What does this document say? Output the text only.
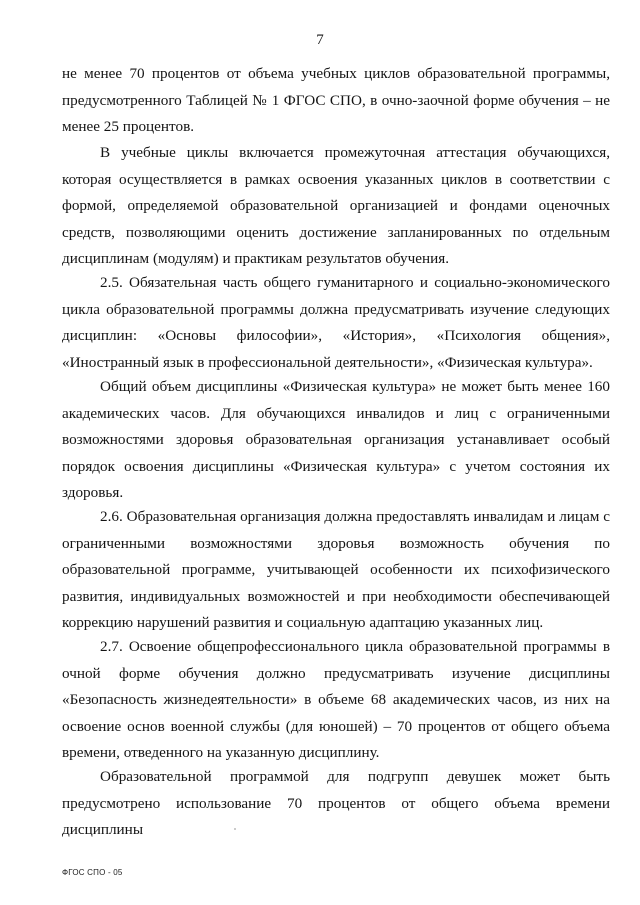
7

не менее 70 процентов от объема учебных циклов образовательной программы, предусмотренного Таблицей № 1 ФГОС СПО, в очно-заочной форме обучения – не менее 25 процентов.

В учебные циклы включается промежуточная аттестация обучающихся, которая осуществляется в рамках освоения указанных циклов в соответствии с формой, определяемой образовательной организацией и фондами оценочных средств, позволяющими оценить достижение запланированных по отдельным дисциплинам (модулям) и практикам результатов обучения.

2.5. Обязательная часть общего гуманитарного и социально-экономического цикла образовательной программы должна предусматривать изучение следующих дисциплин: «Основы философии», «История», «Психология общения», «Иностранный язык в профессиональной деятельности», «Физическая культура».

Общий объем дисциплины «Физическая культура» не может быть менее 160 академических часов. Для обучающихся инвалидов и лиц с ограниченными возможностями здоровья образовательная организация устанавливает особый порядок освоения дисциплины «Физическая культура» с учетом состояния их здоровья.

2.6. Образовательная организация должна предоставлять инвалидам и лицам с ограниченными возможностями здоровья возможность обучения по образовательной программе, учитывающей особенности их психофизического развития, индивидуальных возможностей и при необходимости обеспечивающей коррекцию нарушений развития и социальную адаптацию указанных лиц.

2.7. Освоение общепрофессионального цикла образовательной программы в очной форме обучения должно предусматривать изучение дисциплины «Безопасность жизнедеятельности» в объеме 68 академических часов, из них на освоение основ военной службы (для юношей) – 70 процентов от общего объема времени, отведенного на указанную дисциплину.

Образовательной программой для подгрупп девушек может быть предусмотрено использование 70 процентов от общего объема времени дисциплины

ФГОС СПО - 05
